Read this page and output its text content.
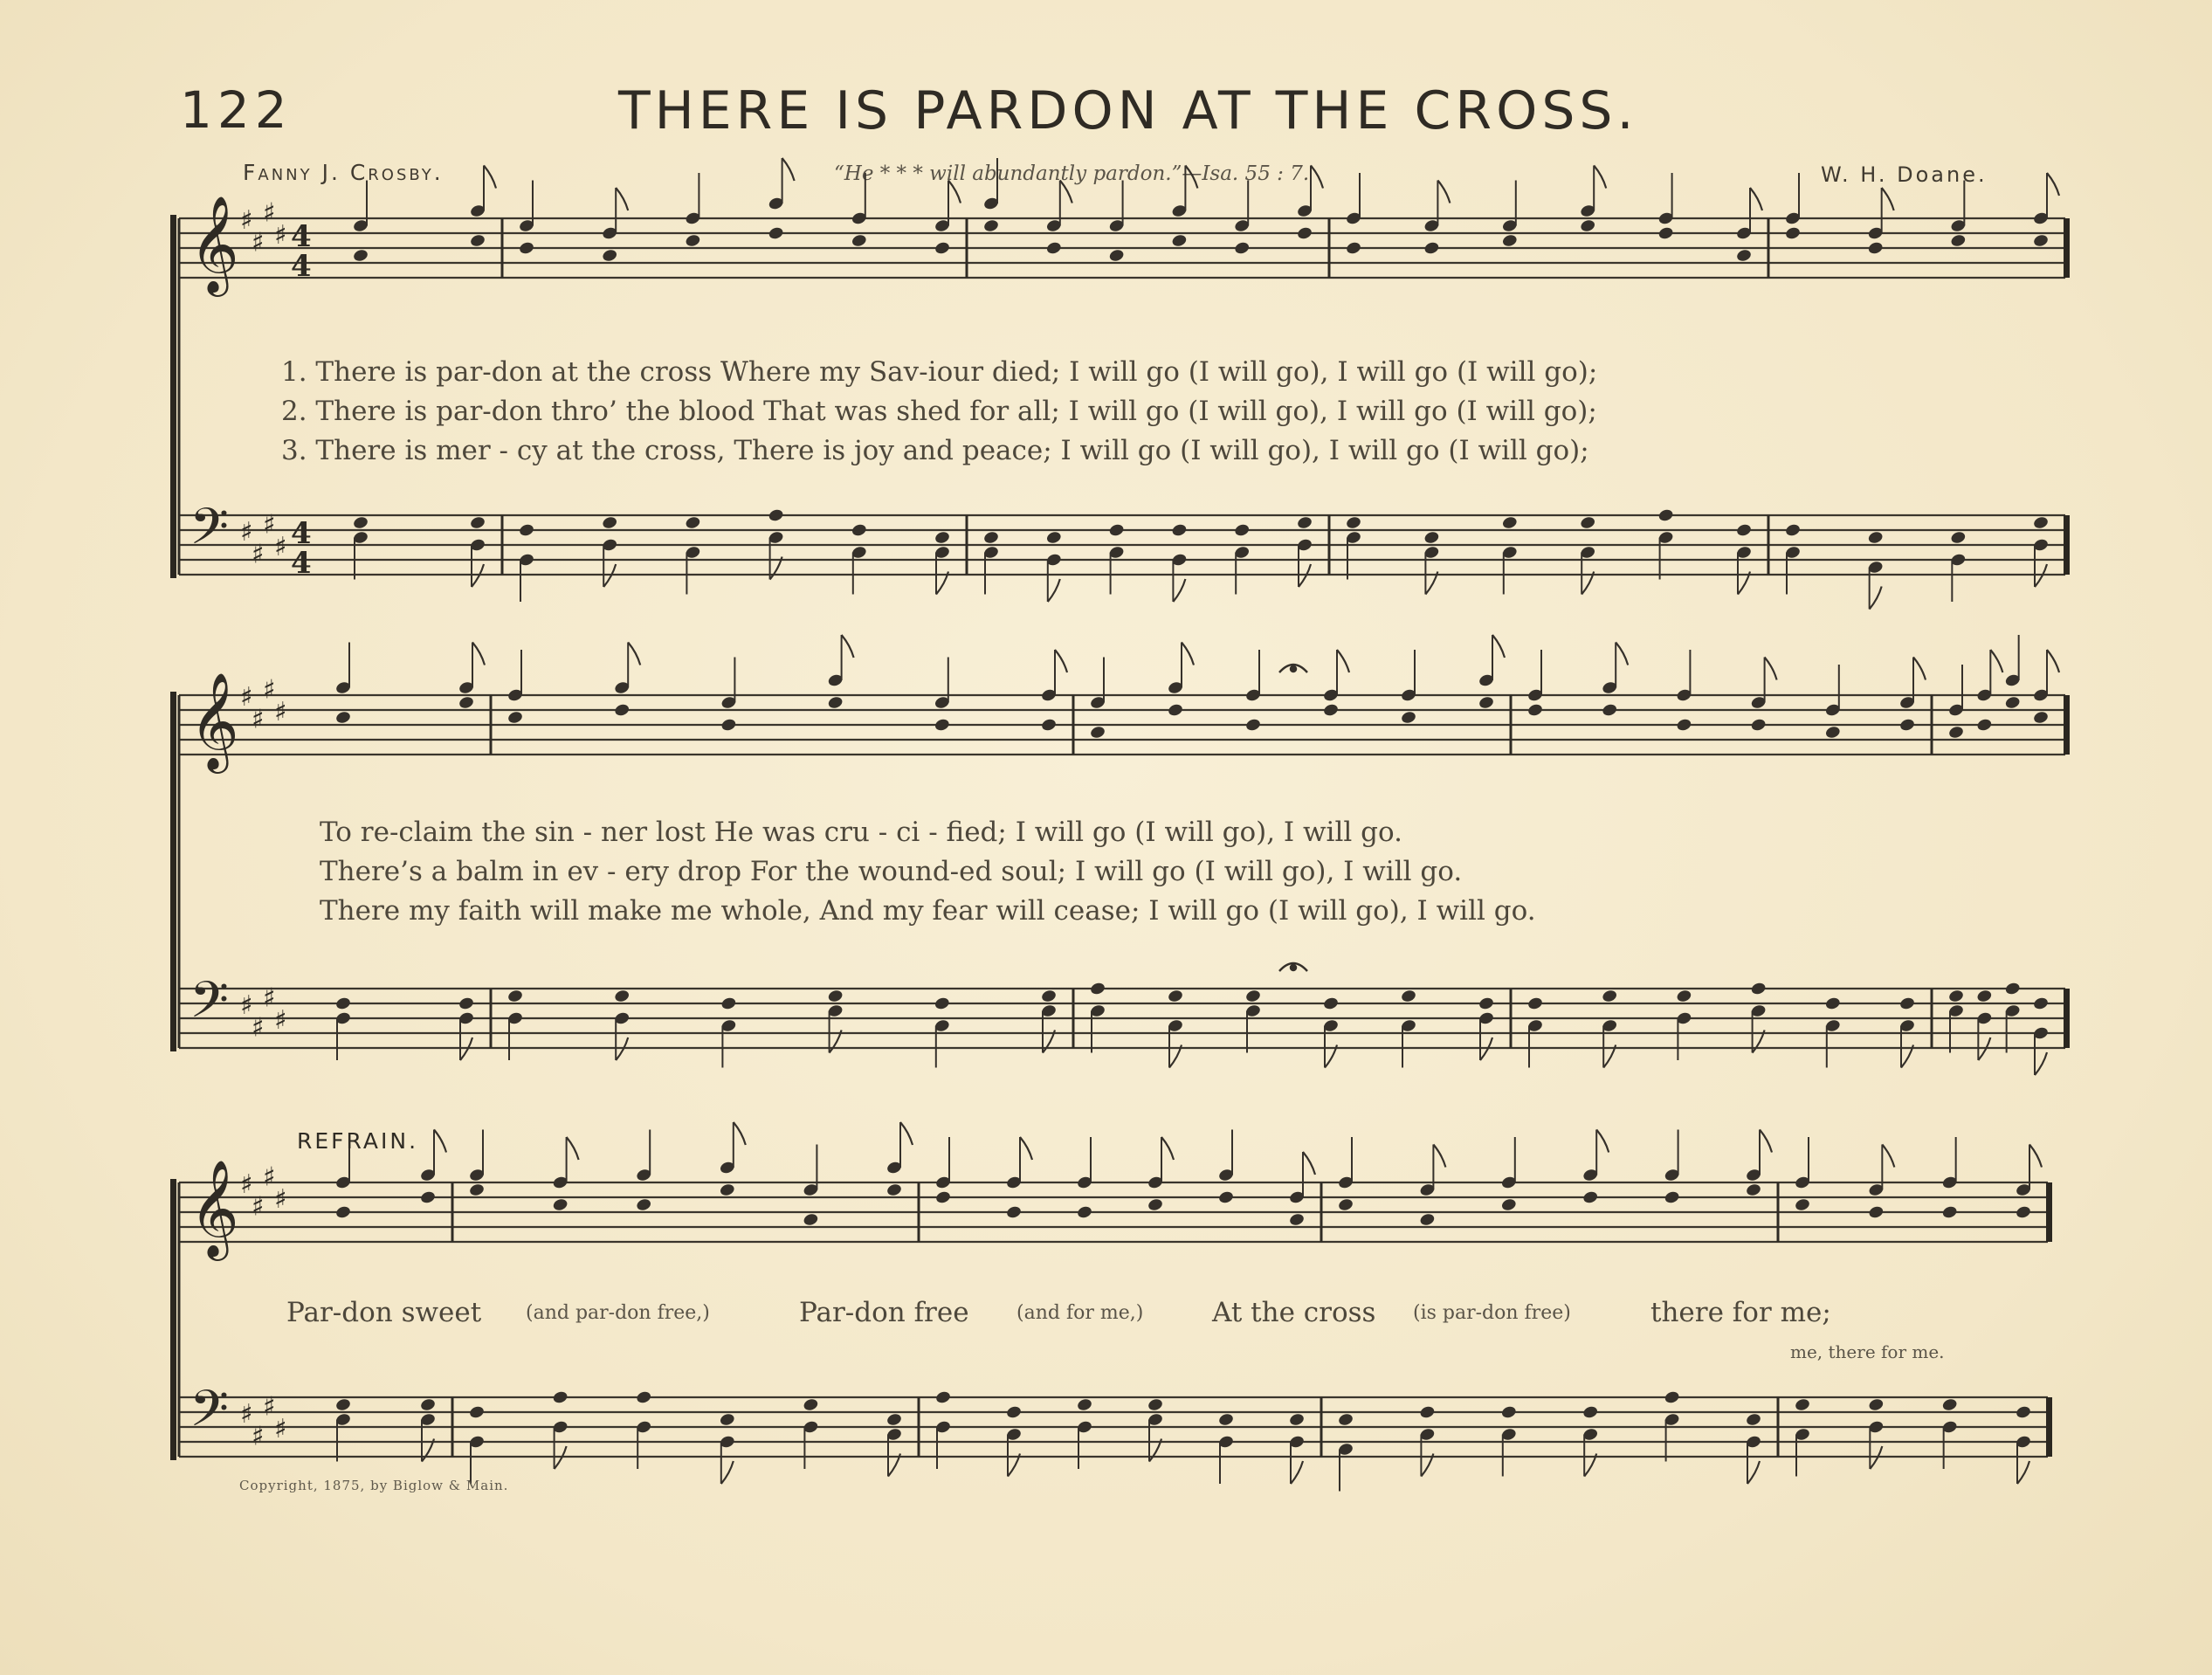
122	THERE IS PARDON AT THE CROSS.
Fanny J. Crosby.	“He * * * will abundantly pardon.”—Isa. 55 : 7.	W. H. Doane.
𝄞
𝄢
𝄞
𝄢
𝄞
𝄢
♯
♯
♯
♯
♯
♯
♯
♯
4
4
4
4
♯
♯
♯
♯
♯
♯
♯
♯
♯
♯
♯
♯
♯
♯
♯
♯
1. There is par-don at the cross Where my Sav-iour died; I will go (I will go), I will go (I will go);
2. There is par-don thro’ the blood That was shed for all; I will go (I will go), I will go (I will go);
3. There is mer - cy at the cross, There is joy and peace; I will go (I will go), I will go (I will go);
To re-claim the sin - ner lost He was cru - ci - fied; I will go (I will go), I will go.
There’s a balm in ev - ery drop For the wound-ed soul; I will go (I will go), I will go.
There my faith will make me whole, And my fear will cease; I will go (I will go), I will go.
REFRAIN.
Par-don sweet (and par-don free,)	Par-don free (and for me,)	At the cross (is par-don free)	there for me;
me, there for me.
Copyright, 1875, by Biglow & Main.
